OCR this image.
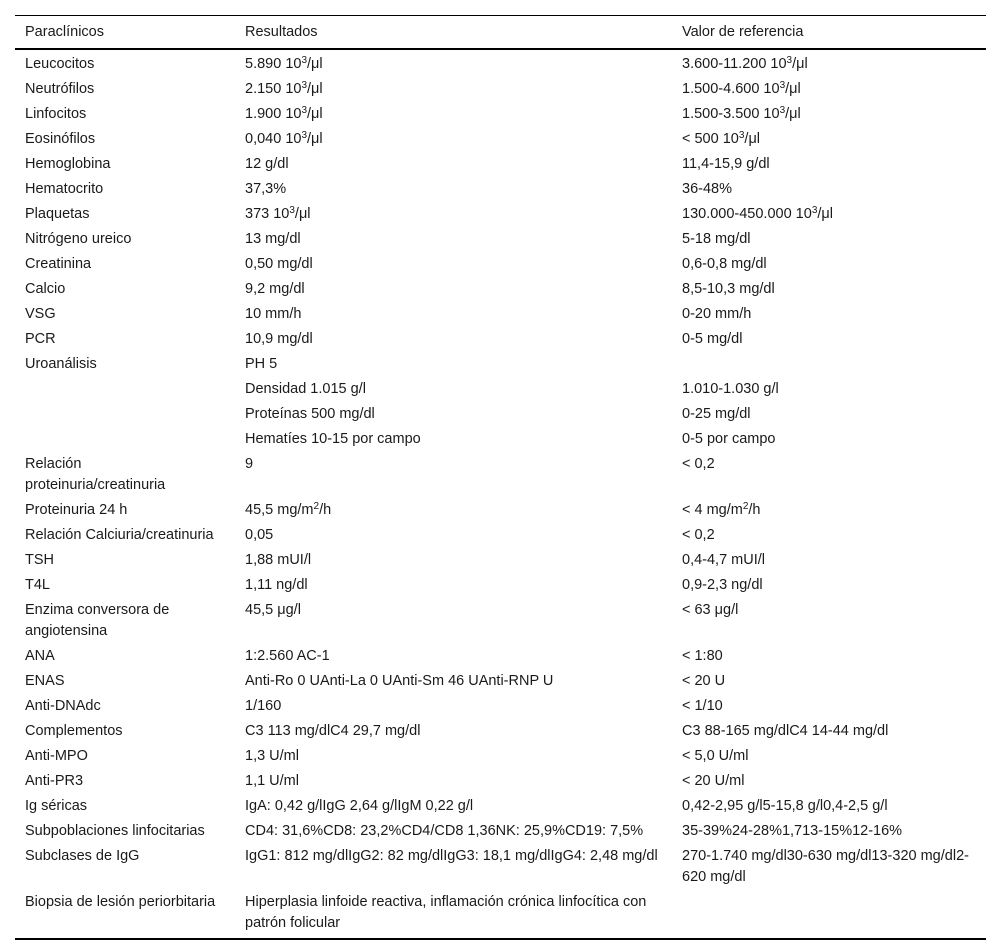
Paraclínicos	Resultados	Valor de referencia
Leucocitos	5.890 $10^3/\mu l$	3.600-11.200 $10^3/\mu l$
Neutrófilos	2.150 $10^3/\mu l$	1.500-4.600 $10^3/\mu l$
Linfocitos	1.900 $10^3/\mu l$	1.500-3.500 $10^3/\mu l$
Eosinófilos	0,040 $10^3/\mu l$	< 500 $10^3/\mu l$
Hemoglobina	12 g/dl	11,4-15,9 g/dl
Hematocrito	37,3%	36-48%
Plaquetas	373 $10^3/\mu l$	130.000-450.000 $10^3/\mu l$
Nitrógeno ureico	13 mg/dl	5-18 mg/dl
Creatinina	0,50 mg/dl	0,6-0,8 mg/dl
Calcio	9,2 mg/dl	8,5-10,3 mg/dl
VSG	10 mm/h	0-20 mm/h
PCR	10,9 mg/dl	0-5 mg/dl
Uroanálisis	PH 5	
	Densidad 1.015 g/l	1.010-1.030 g/l
	Proteínas 500 mg/dl	0-25 mg/dl
	Hematíes 10-15 por campo	0-5 por campo
Relación proteinuria/creatinuria	9	< 0,2
Proteinuria 24 h	45,5 $mg/m^2/h$	< 4 $mg/m^2/h$
Relación Calciuria/creatinuria	0,05	< 0,2
TSH	1,88 mUI/l	0,4-4,7 mUI/l
T4L	1,11 ng/dl	0,9-2,3 ng/dl
Enzima conversora de angiotensina	45,5 μg/l	< 63 μg/l
ANA	1:2.560 AC-1	< 1:80
ENAS	Anti-Ro 0 UAnti-La 0 UAnti-Sm 46 UAnti-RNP U	< 20 U
Anti-DNAdc	1/160	< 1/10
Complementos	C3 113 mg/dlC4 29,7 mg/dl	C3 88-165 mg/dlC4 14-44 mg/dl
Anti-MPO	1,3 U/ml	< 5,0 U/ml
Anti-PR3	1,1 U/ml	< 20 U/ml
Ig séricas	IgA: 0,42 g/lIgG 2,64 g/lIgM 0,22 g/l	0,42-2,95 g/l5-15,8 g/l0,4-2,5 g/l
Subpoblaciones linfocitarias	CD4: 31,6%CD8: 23,2%CD4/CD8 1,36NK: 25,9%CD19: 7,5%	35-39%24-28%1,713-15%12-16%
Subclases de IgG	IgG1: 812 mg/dlIgG2: 82 mg/dlIgG3: 18,1 mg/dlIgG4: 2,48 mg/dl	270-1.740 mg/dl30-630 mg/dl13-320 mg/dl2-620 mg/dl
Biopsia de lesión periorbitaria	Hiperplasia linfoide reactiva, inflamación crónica linfocítica con patrón folicular	
